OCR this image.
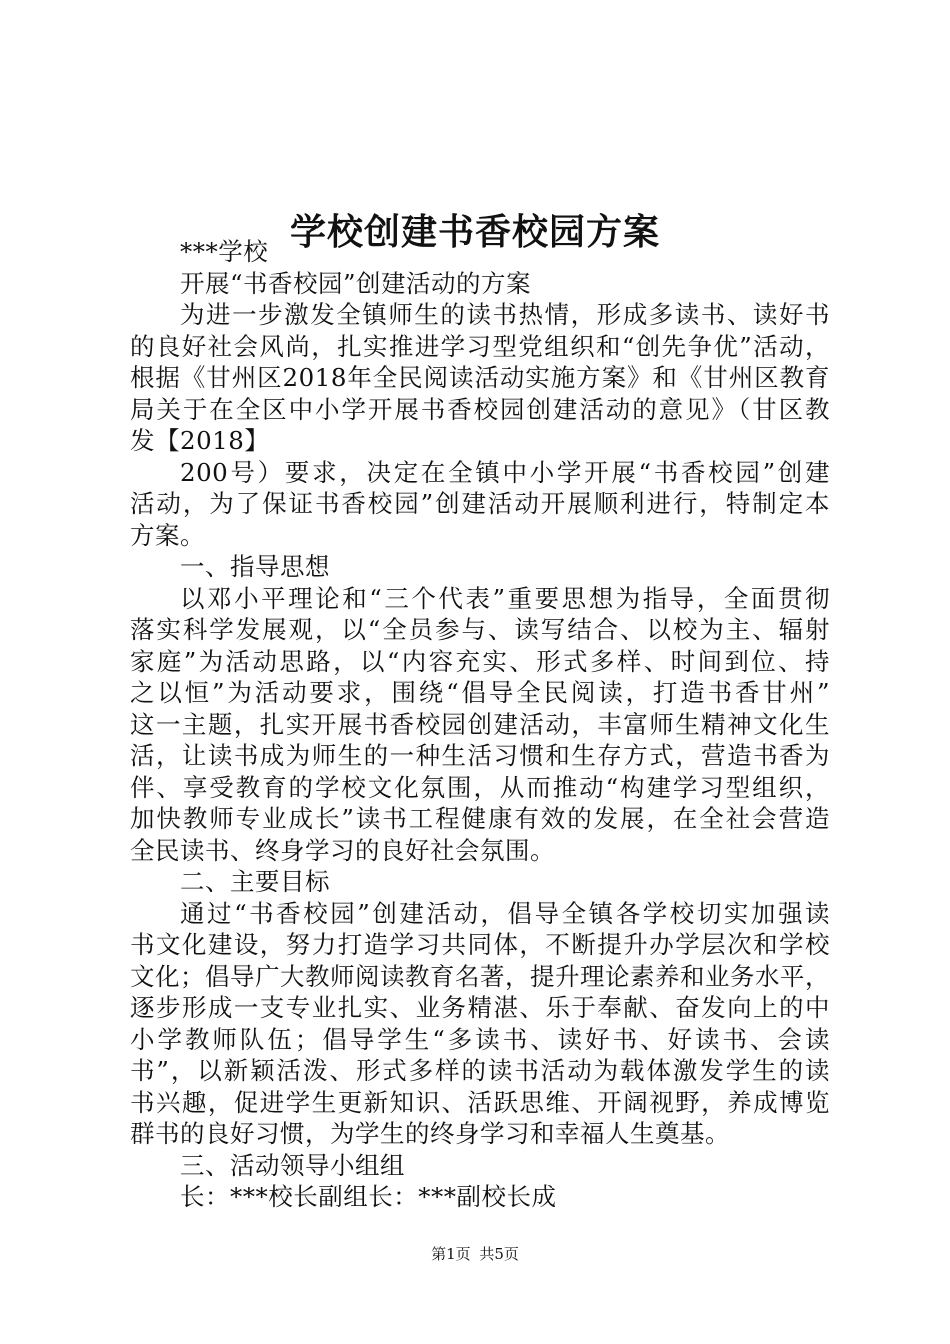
学校创建书香校园方案
***学校
开展“书香校园”创建活动的方案
为进一步激发全镇师生的读书热情，形成多读书、读好书
的良好社会风尚，扎实推进学习型党组织和“创先争优”活动，
根据《甘州区2018年全民阅读活动实施方案》和《甘州区教育
局关于在全区中小学开展书香校园创建活动的意见》（甘区教
发【2018】
200号）要求，决定在全镇中小学开展“书香校园”创建
活动，为了保证书香校园”创建活动开展顺利进行，特制定本
方案。
一、指导思想
以邓小平理论和“三个代表”重要思想为指导，全面贯彻
落实科学发展观，以“全员参与、读写结合、以校为主、辐射
家庭”为活动思路，以“内容充实、形式多样、时间到位、持
之以恒”为活动要求，围绕“倡导全民阅读，打造书香甘州”
这一主题，扎实开展书香校园创建活动，丰富师生精神文化生
活，让读书成为师生的一种生活习惯和生存方式，营造书香为
伴、享受教育的学校文化氛围，从而推动“构建学习型组织，
加快教师专业成长”读书工程健康有效的发展，在全社会营造
全民读书、终身学习的良好社会氛围。
二、主要目标
通过“书香校园”创建活动，倡导全镇各学校切实加强读
书文化建设，努力打造学习共同体，不断提升办学层次和学校
文化；倡导广大教师阅读教育名著，提升理论素养和业务水平，
逐步形成一支专业扎实、业务精湛、乐于奉献、奋发向上的中
小学教师队伍；倡导学生“多读书、读好书、好读书、会读
书”，以新颖活泼、形式多样的读书活动为载体激发学生的读
书兴趣，促进学生更新知识、活跃思维、开阔视野，养成博览
群书的良好习惯，为学生的终身学习和幸福人生奠基。
三、活动领导小组组
长：***校长副组长：***副校长成
第1页 共5页
